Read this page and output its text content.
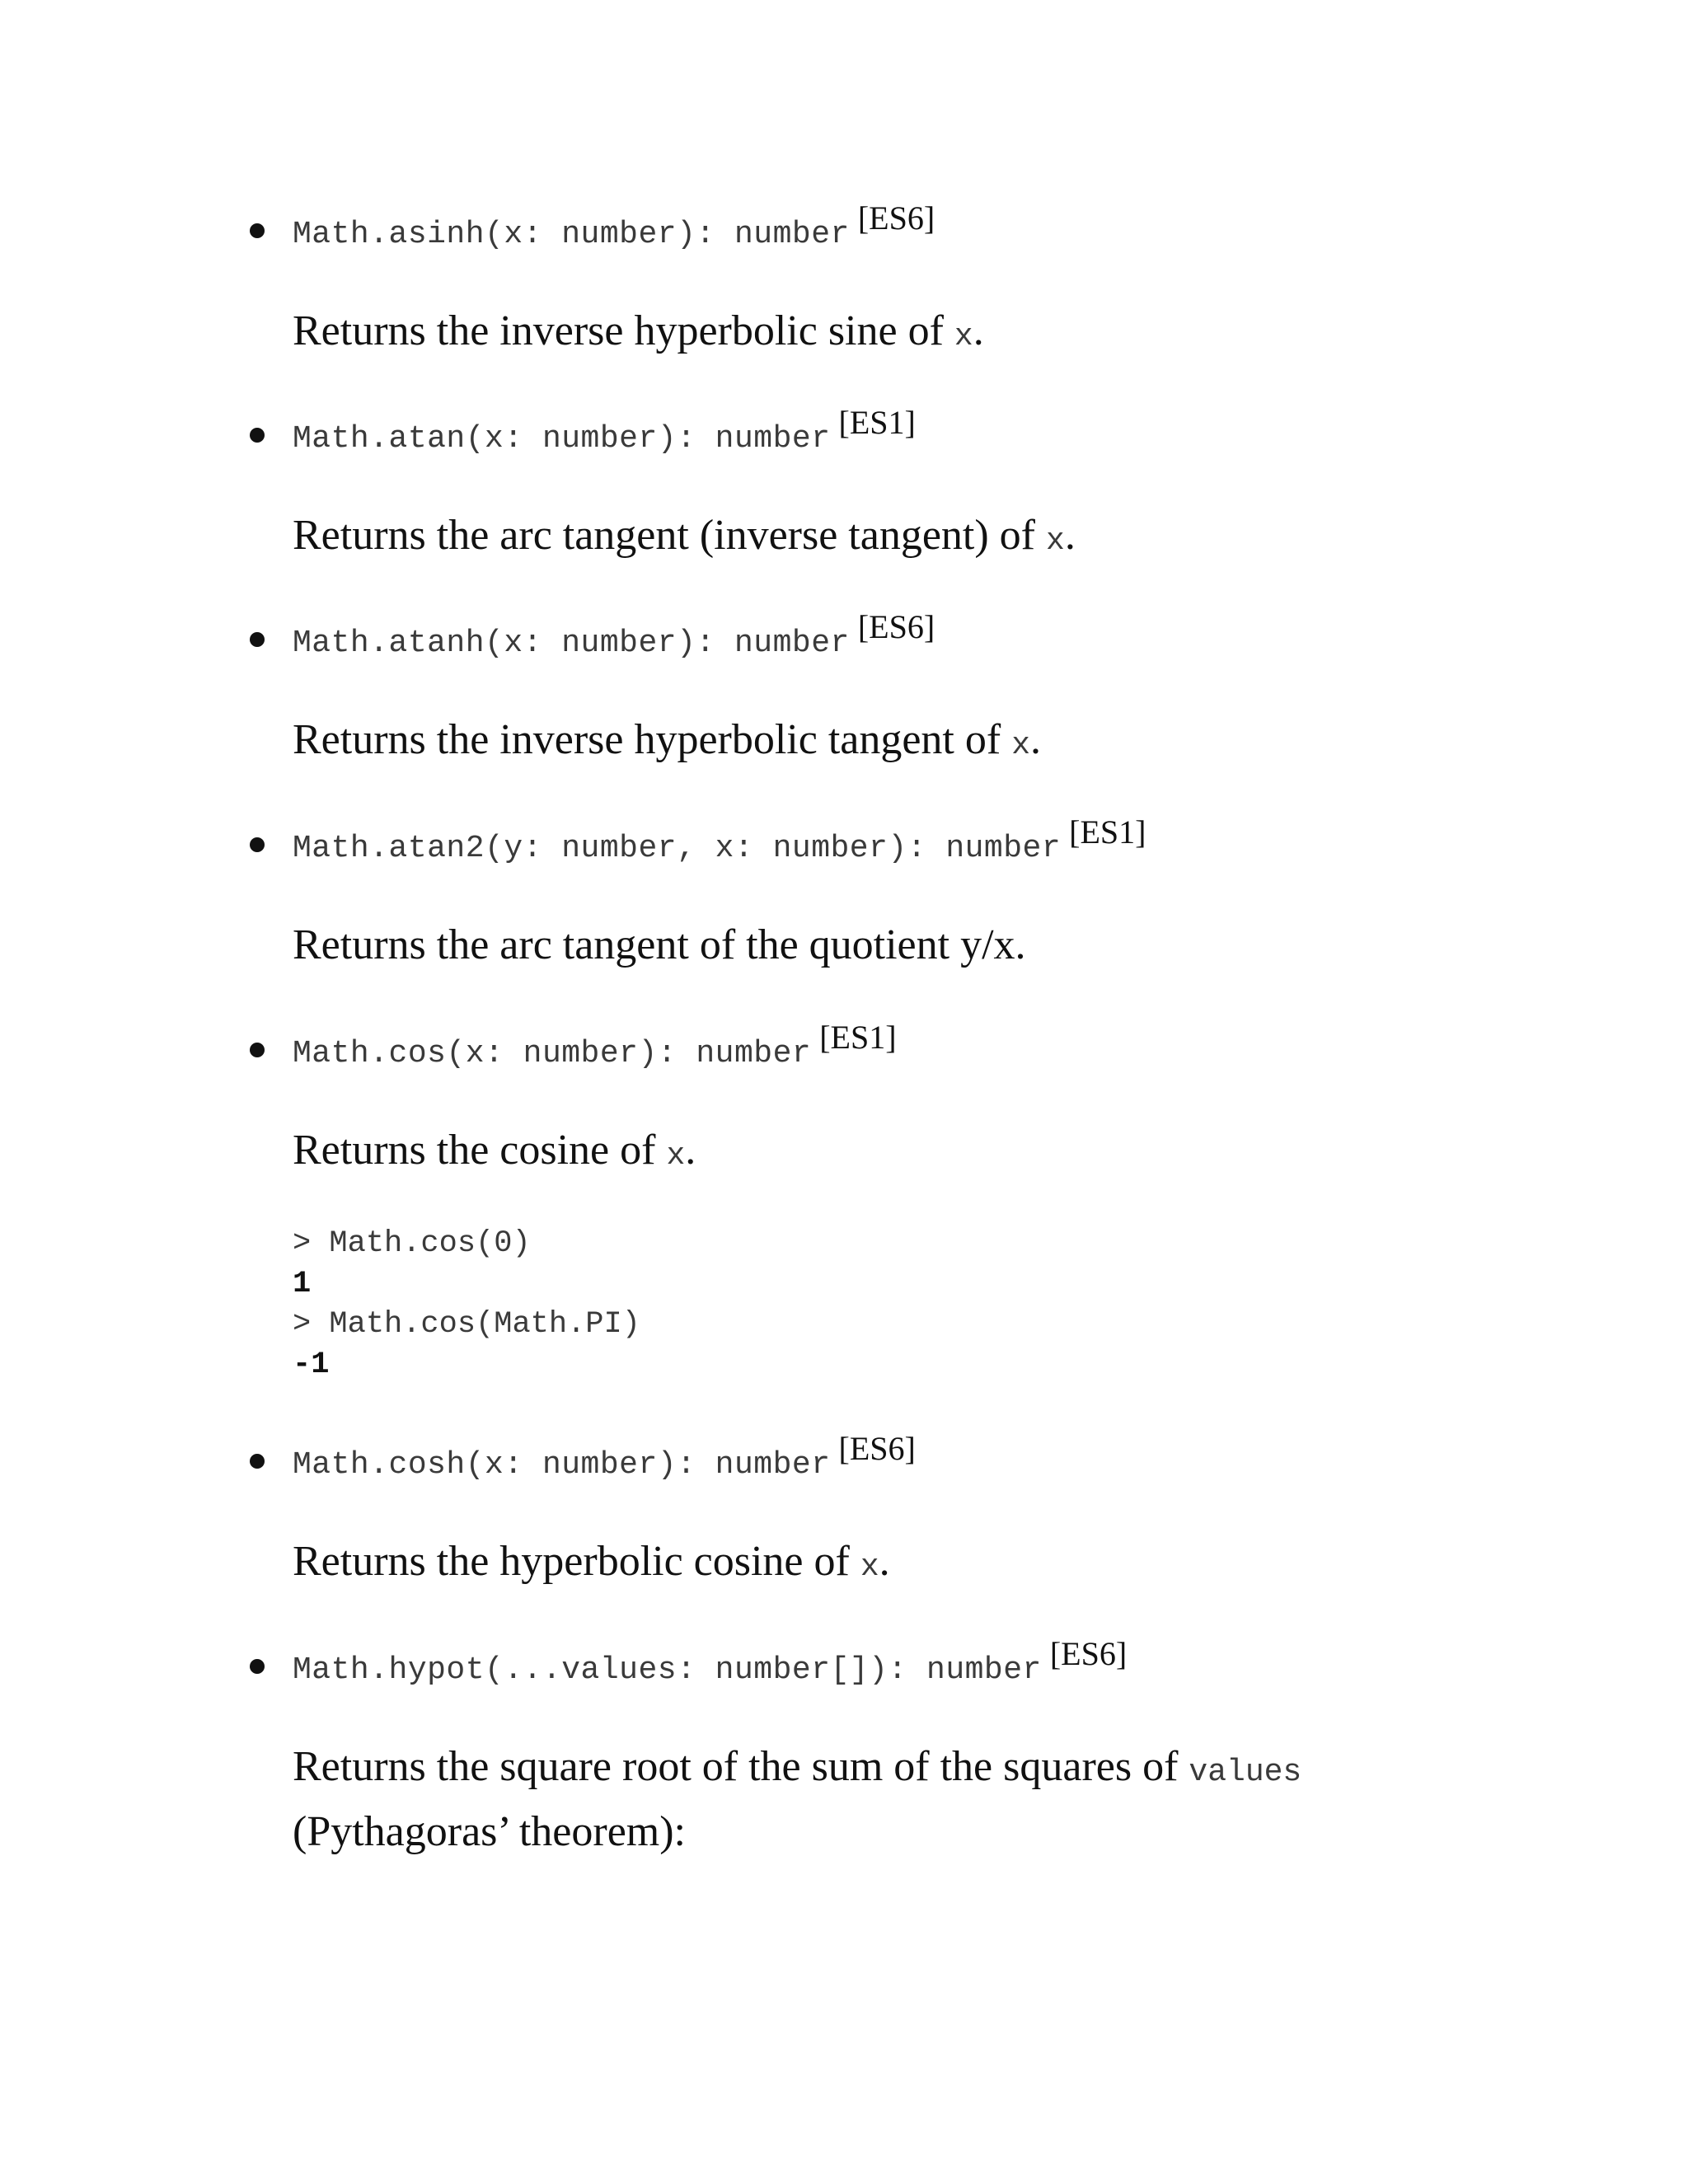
Math.asinh(x: number): number [ES6]
Returns the inverse hyperbolic sine of x.
Math.atan(x: number): number [ES1]
Returns the arc tangent (inverse tangent) of x.
Math.atanh(x: number): number [ES6]
Returns the inverse hyperbolic tangent of x.
Math.atan2(y: number, x: number): number [ES1]
Returns the arc tangent of the quotient y/x.
Math.cos(x: number): number [ES1]
Returns the cosine of x.
> Math.cos(0)
1
> Math.cos(Math.PI)
-1
Math.cosh(x: number): number [ES6]
Returns the hyperbolic cosine of x.
Math.hypot(...values: number[]): number [ES6]
Returns the square root of the sum of the squares of values
(Pythagoras’ theorem):
